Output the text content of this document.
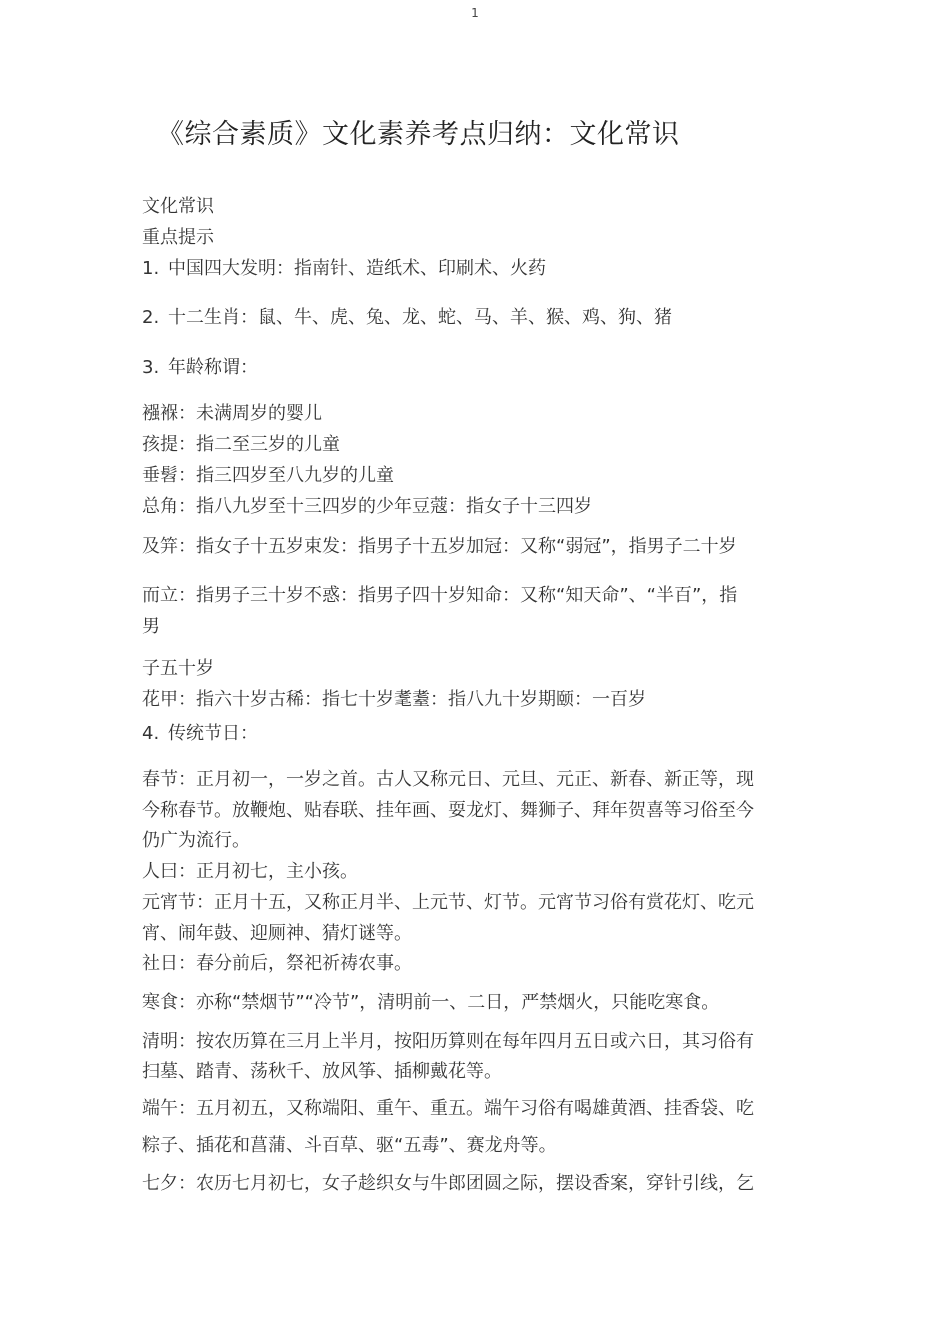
1
《综合素质》文化素养考点归纳：文化常识
文化常识
重点提示
1. 中国四大发明：指南针、造纸术、印刷术、火药
2. 十二生肖：鼠、牛、虎、兔、龙、蛇、马、羊、猴、鸡、狗、猪
3. 年龄称谓：
襁褓：未满周岁的婴儿
孩提：指二至三岁的儿童
垂髫：指三四岁至八九岁的儿童
总角：指八九岁至十三四岁的少年豆蔻：指女子十三四岁
及笄：指女子十五岁束发：指男子十五岁加冠：又称“弱冠”，指男子二十岁
而立：指男子三十岁不惑：指男子四十岁知命：又称“知天命”、“半百”，指
男
子五十岁
花甲：指六十岁古稀：指七十岁耄耋：指八九十岁期颐：一百岁
4. 传统节日：
春节：正月初一，一岁之首。古人又称元日、元旦、元正、新春、新正等，现
今称春节。放鞭炮、贴春联、挂年画、耍龙灯、舞狮子、拜年贺喜等习俗至今
仍广为流行。
人曰：正月初七，主小孩。
元宵节：正月十五，又称正月半、上元节、灯节。元宵节习俗有赏花灯、吃元
宵、闹年鼓、迎厕神、猜灯谜等。
社日：春分前后，祭祀祈祷农事。
寒食：亦称“禁烟节”“冷节”，清明前一、二日，严禁烟火，只能吃寒食。
清明：按农历算在三月上半月，按阳历算则在每年四月五日或六日，其习俗有
扫墓、踏青、荡秋千、放风筝、插柳戴花等。
端午：五月初五，又称端阳、重午、重五。端午习俗有喝雄黄酒、挂香袋、吃
粽子、插花和菖蒲、斗百草、驱“五毒”、赛龙舟等。
七夕：农历七月初七，女子趁织女与牛郎团圆之际，摆设香案，穿针引线，乞
